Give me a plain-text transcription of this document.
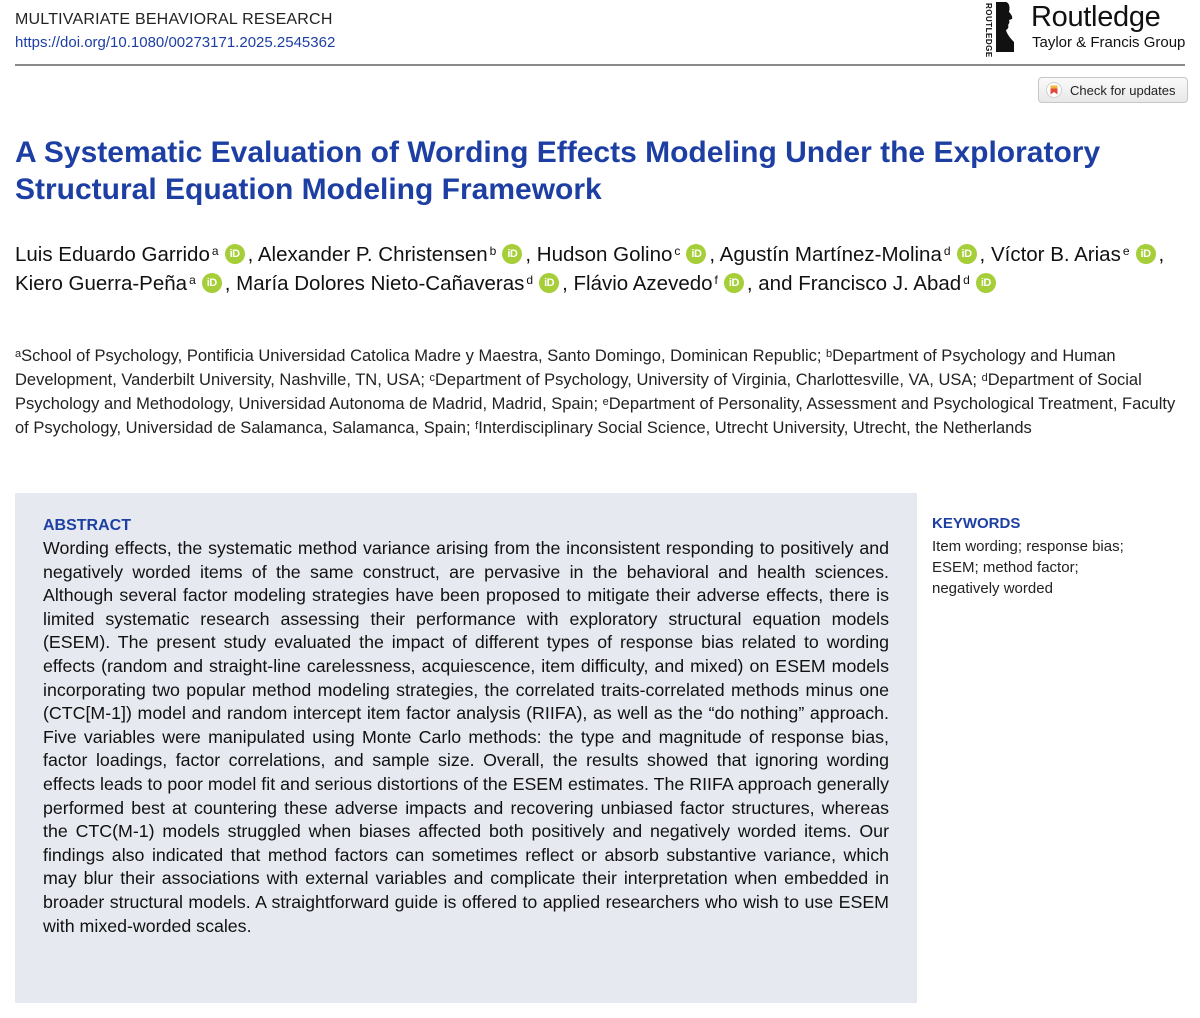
MULTIVARIATE BEHAVIORAL RESEARCH
https://doi.org/10.1080/00273171.2025.2545362	ROUTLEDGE Routledge
Taylor & Francis Group
Check for updates
A Systematic Evaluation of Wording Effects Modeling Under the Exploratory Structural Equation Modeling Framework
Luis Eduardo Garrido $^a$ iD , Alexander P. Christensen $^b$ iD , Hudson Golino $^c$ iD , Agustín Martínez-Molina $^d$ iD , Víctor B. Arias $^e$ iD , Kiero Guerra-Peña $^a$ iD , María Dolores Nieto-Cañaveras $^d$ iD , Flávio Azevedo $^f$ iD , and Francisco J. Abad $^d$ iD
$^a$School of Psychology, Pontificia Universidad Catolica Madre y Maestra, Santo Domingo, Dominican Republic; $^b$Department of Psychology and Human Development, Vanderbilt University, Nashville, TN, USA; $^c$Department of Psychology, University of Virginia, Charlottesville, VA, USA; $^d$Department of Social Psychology and Methodology, Universidad Autonoma de Madrid, Madrid, Spain; $^e$Department of Personality, Assessment and Psychological Treatment, Faculty of Psychology, Universidad de Salamanca, Salamanca, Spain; $^f$Interdisciplinary Social Science, Utrecht University, Utrecht, the Netherlands

ABSTRACT

Wording effects, the systematic method variance arising from the inconsistent responding to positively and negatively worded items of the same construct, are pervasive in the behavioral and health sciences. Although several factor modeling strategies have been proposed to mitigate their adverse effects, there is limited systematic research assessing their performance with exploratory structural equation models (ESEM). The present study evaluated the impact of different types of response bias related to wording effects (random and straight-line carelessness, acquiescence, item difficulty, and mixed) on ESEM models incorporating two popular method modeling strategies, the correlated traits-correlated methods minus one (CTC[M-1]) model and random intercept item factor analysis (RIIFA), as well as the “do nothing” approach. Five variables were manipulated using Monte Carlo methods: the type and magnitude of response bias, factor loadings, factor correlations, and sample size. Overall, the results showed that ignoring wording effects leads to poor model fit and serious distortions of the ESEM estimates. The RIIFA approach generally performed best at countering these adverse impacts and recovering unbiased factor structures, whereas the CTC(M-1) models struggled when biases affected both positively and negatively worded items. Our findings also indicated that method factors can sometimes reflect or absorb substantive variance, which may blur their associations with external variables and complicate their interpretation when embedded in broader structural models. A straightforward guide is offered to applied researchers who wish to use ESEM with mixed-worded scales.

KEYWORDS

Item wording; response bias; ESEM; method factor; negatively worded
